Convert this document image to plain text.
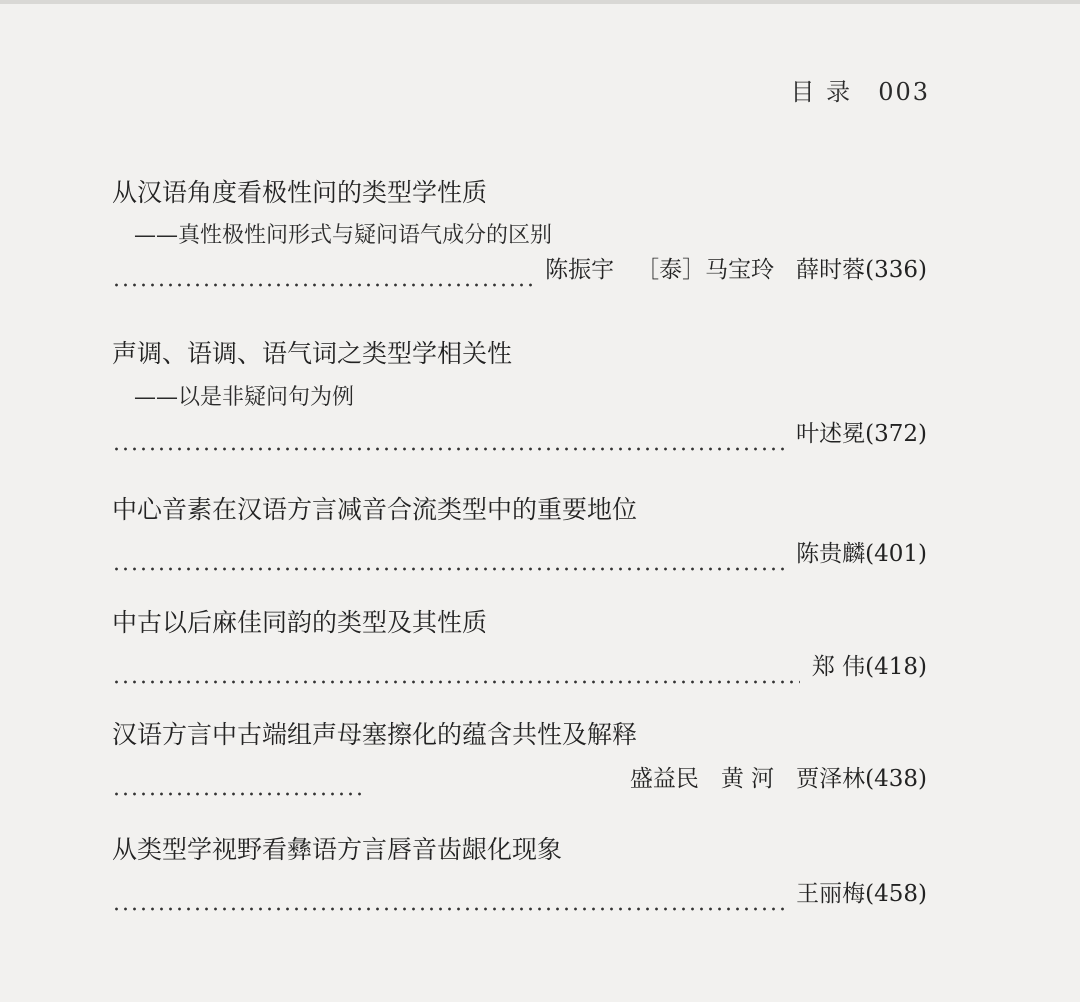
目 录 003
从汉语角度看极性问的类型学性质
——真性极性问形式与疑问语气成分的区别
陈振宇 ［泰］马宝玲 薛时蓉 (336)
声调、语调、语气词之类型学相关性
——以是非疑问句为例
叶述冕 (372)
中心音素在汉语方言减音合流类型中的重要地位
陈贵麟 (401)
中古以后麻佳同韵的类型及其性质
郑 伟 (418)
汉语方言中古端组声母塞擦化的蕴含共性及解释
盛益民 黄 河 贾泽林 (438)
从类型学视野看彝语方言唇音齿龈化现象
王丽梅 (458)
